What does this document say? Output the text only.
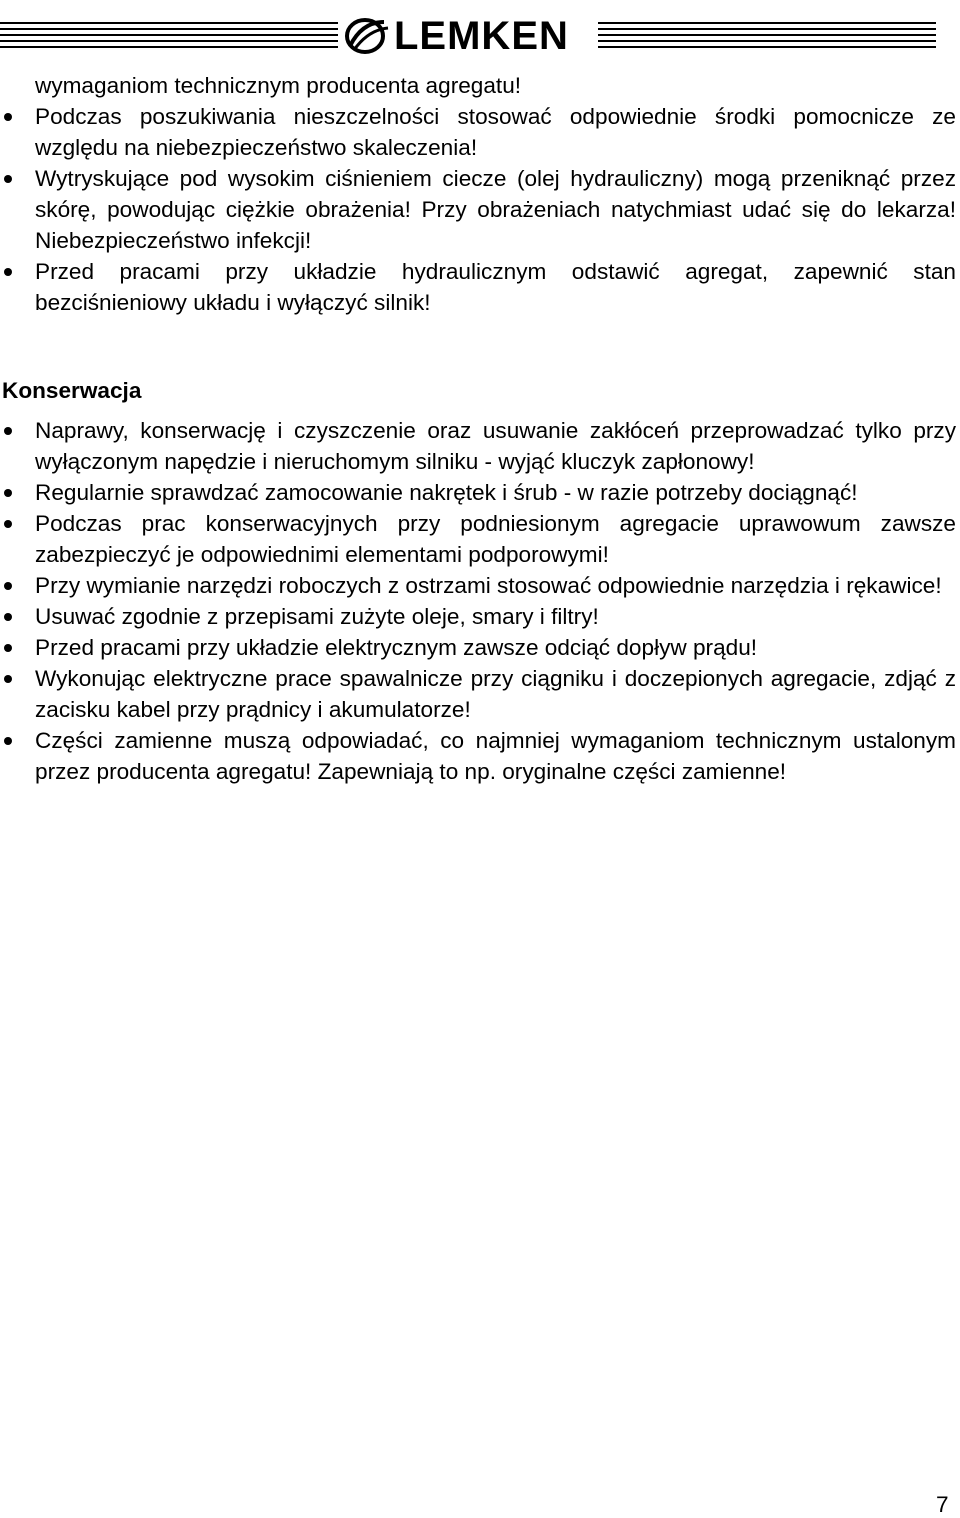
LEMKEN
wymaganiom technicznym producenta agregatu!
Podczas poszukiwania nieszczelności stosować odpowiednie środki pomocnicze ze względu na niebezpieczeństwo skaleczenia!
Wytryskujące pod wysokim ciśnieniem ciecze (olej hydrauliczny) mogą przeniknąć przez skórę, powodując ciężkie obrażenia! Przy obrażeniach natychmiast udać się do lekarza! Niebezpieczeństwo infekcji!
Przed pracami przy układzie hydraulicznym odstawić agregat, zapewnić stan bezciśnieniowy układu i wyłączyć silnik!
Konserwacja
Naprawy, konserwację i czyszczenie oraz usuwanie zakłóceń przeprowadzać tylko przy wyłączonym napędzie i nieruchomym silniku - wyjąć kluczyk zapłonowy!
Regularnie sprawdzać zamocowanie nakrętek i śrub - w razie potrzeby dociągnąć!
Podczas prac konserwacyjnych przy podniesionym agregacie uprawowum zawsze zabezpieczyć je odpowiednimi elementami podporowymi!
Przy wymianie narzędzi roboczych z ostrzami stosować odpowiednie narzędzia i rękawice!
Usuwać zgodnie z przepisami zużyte oleje, smary i filtry!
Przed pracami przy układzie elektrycznym zawsze odciąć dopływ prądu!
Wykonując elektryczne prace spawalnicze przy ciągniku i doczepionych agregacie, zdjąć z zacisku kabel przy prądnicy i akumulatorze!
Części zamienne muszą odpowiadać, co najmniej wymaganiom technicznym ustalonym przez producenta agregatu! Zapewniają to np. oryginalne części zamienne!
7
